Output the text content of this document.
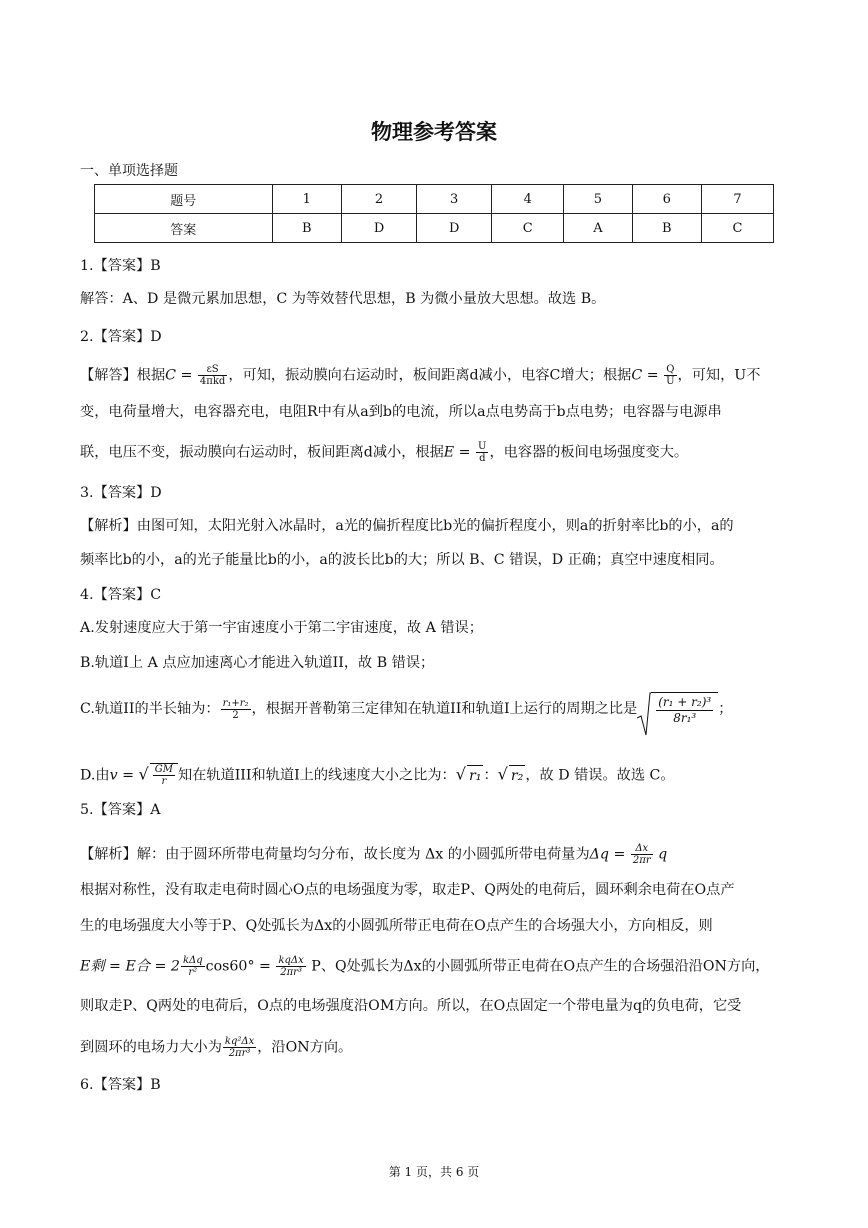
物理参考答案
一、单项选择题
题号	1	2	3	4	5	6	7
答案	B	D	D	C	A	B	C
1.【答案】B
解答：A、D 是微元累加思想，C 为等效替代思想，B 为微小量放大思想。故选 B。
2.【答案】D
【解答】根据$C = \frac{\varepsilon S}{\text{4πkd}}$ ，可知，振动膜向右运动时，板间距离d减小，电容C增大；根据$C = \frac{Q}{U}$ ，可知，U不
变，电荷量增大，电容器充电，电阻R中有从a到b的电流，所以a点电势高于b点电势；电容器与电源串
联，电压不变，振动膜向右运动时，板间距离d减小，根据$E = \frac{U}{d}$ ，电容器的板间电场强度变大。
3.【答案】D
【解析】由图可知，太阳光射入冰晶时，a光的偏折程度比b光的偏折程度小，则a的折射率比b的小，a的
频率比b的小，a的光子能量比b的小，a的波长比b的大；所以 B、C 错误，D 正确；真空中速度相同。
4.【答案】C
A.发射速度应大于第一宇宙速度小于第二宇宙速度，故 A 错误；
B.轨道I上 A 点应加速离心才能进入轨道II，故 B 错误；
C.轨道II的半长轴为： $\frac{\text{r₁+r₂}}{2}$ ，根据开普勒第三定律知在轨道II和轨道I上运行的周期之比是 $\frac{\text{(r₁ + r₂)³}}{\text{8r₁³}}$ ；
D.由v = √ $\frac{GM}{r}$ 知在轨道III和轨道I上的线速度大小之比为：√ r₁ ：√ r₂ ，故 D 错误。故选 C。
5.【答案】A
【解析】解：由于圆环所带电荷量均匀分布，故长度为 Δx 的小圆弧所带电荷量为$\Delta q = \frac{\Delta x}{2\pi r}$ q
根据对称性，没有取走电荷时圆心O点的电场强度为零，取走P、Q两处的电荷后，圆环剩余电荷在O点产
生的电场强度大小等于P、Q处弧长为Δx的小圆弧所带正电荷在O点产生的合场强大小，方向相反，则
E剩 = E合 = $2 \frac{\text{kΔq}}{\text{r²}} \cos 60^\circ = \frac{\text{kqΔx}}{\text{2πr³}}$ P、Q处弧长为Δx的小圆弧所带正电荷在O点产生的合场强沿沿ON方向，
则取走P、Q两处的电荷后，O点的电场强度沿OM方向。所以，在O点固定一个带电量为q的负电荷，它受
到圆环的电场力大小为 $\frac{\text{kq²Δx}}{\text{2πr³}}$ ，沿ON方向。
6.【答案】B
第 1 页，共 6 页
